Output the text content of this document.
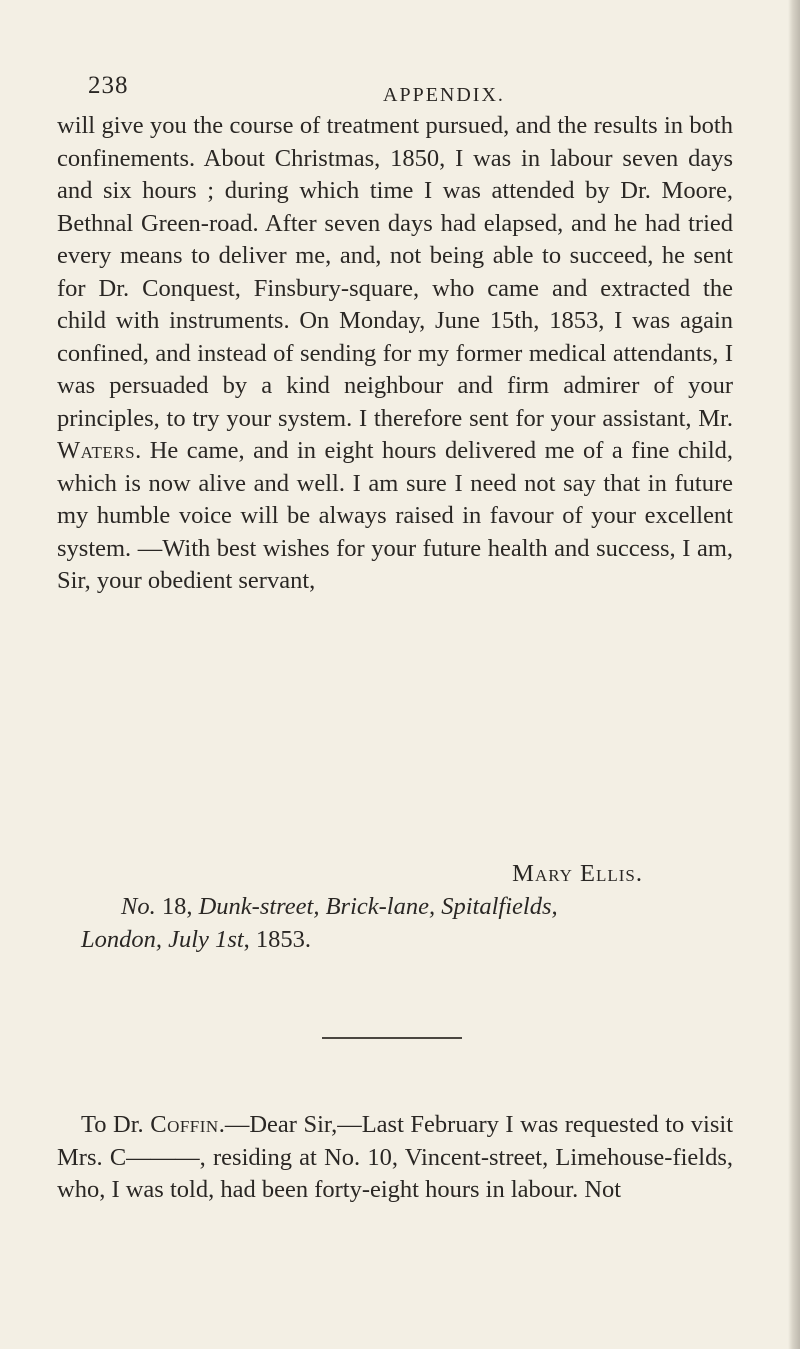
238	APPENDIX.
will give you the course of treatment pursued, and the results in both confinements. About Christmas, 1850, I was in labour seven days and six hours ; during which time I was attended by Dr. Moore, Bethnal Green-road. After seven days had elapsed, and he had tried every means to deliver me, and, not being able to succeed, he sent for Dr. Conquest, Finsbury-square, who came and extracted the child with instruments. On Monday, June 15th, 1853, I was again confined, and instead of sending for my former medical attendants, I was persuaded by a kind neighbour and firm admirer of your principles, to try your system. I therefore sent for your assistant, Mr. Waters. He came, and in eight hours delivered me of a fine child, which is now alive and well. I am sure I need not say that in future my humble voice will be always raised in favour of your excellent system. —With best wishes for your future health and success, I am, Sir, your obedient servant,
Mary Ellis.
No. 18, Dunk-street, Brick-lane, Spitalfields,
London, July 1st, 1853.
To Dr. Coffin.—Dear Sir,—Last February I was requested to visit Mrs. C———, residing at No. 10, Vincent-street, Limehouse-fields, who, I was told, had been forty-eight hours in labour. Not
